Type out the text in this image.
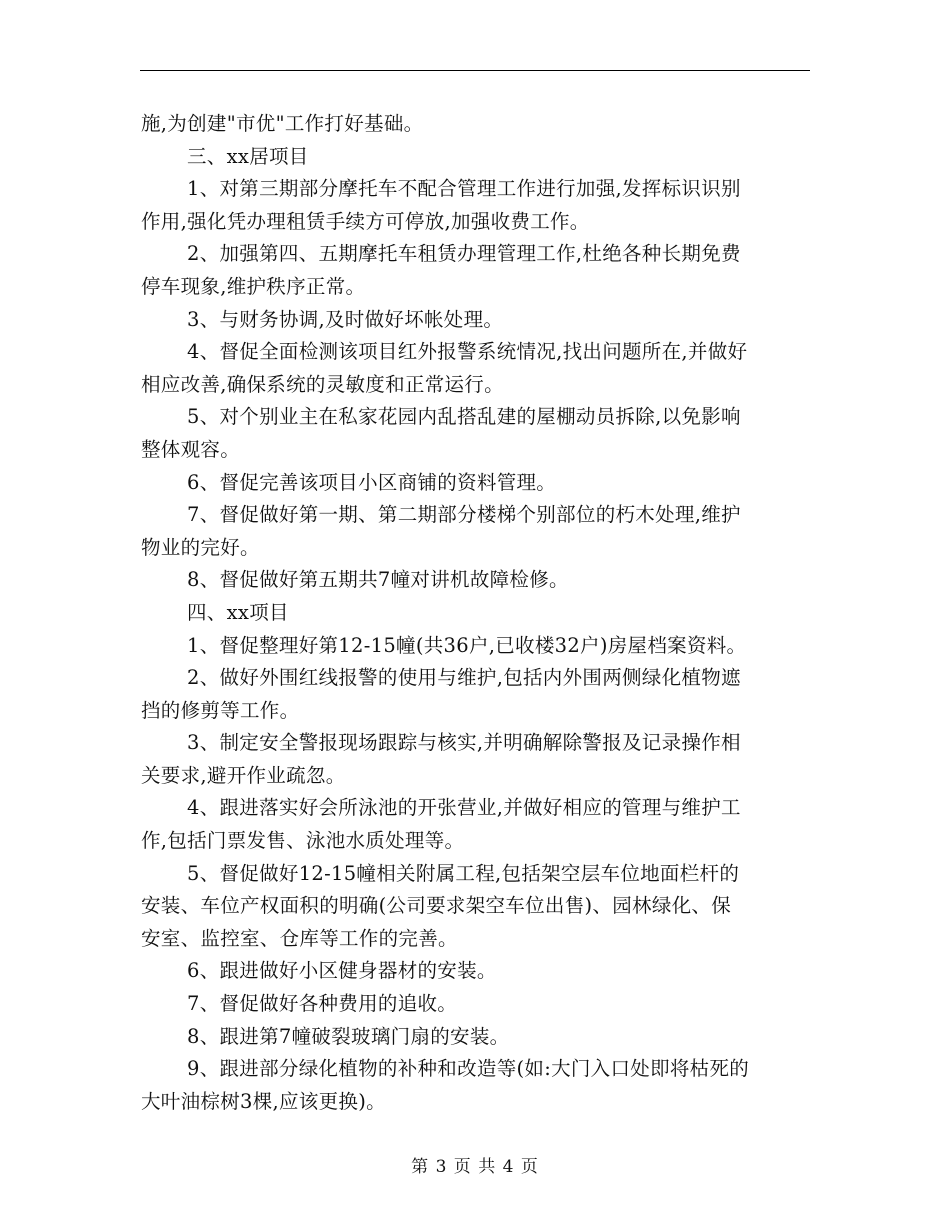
施,为创建"市优"工作打好基础。
三、xx居项目
1、对第三期部分摩托车不配合管理工作进行加强,发挥标识识别
作用,强化凭办理租赁手续方可停放,加强收费工作。
2、加强第四、五期摩托车租赁办理管理工作,杜绝各种长期免费
停车现象,维护秩序正常。
3、与财务协调,及时做好坏帐处理。
4、督促全面检测该项目红外报警系统情况,找出问题所在,并做好
相应改善,确保系统的灵敏度和正常运行。
5、对个别业主在私家花园内乱搭乱建的屋棚动员拆除,以免影响
整体观容。
6、督促完善该项目小区商铺的资料管理。
7、督促做好第一期、第二期部分楼梯个别部位的朽木处理,维护
物业的完好。
8、督促做好第五期共7幢对讲机故障检修。
四、xx项目
1、督促整理好第12-15幢(共36户,已收楼32户)房屋档案资料。
2、做好外围红线报警的使用与维护,包括内外围两侧绿化植物遮
挡的修剪等工作。
3、制定安全警报现场跟踪与核实,并明确解除警报及记录操作相
关要求,避开作业疏忽。
4、跟进落实好会所泳池的开张营业,并做好相应的管理与维护工
作,包括门票发售、泳池水质处理等。
5、督促做好12-15幢相关附属工程,包括架空层车位地面栏杆的
安装、车位产权面积的明确(公司要求架空车位出售)、园林绿化、保
安室、监控室、仓库等工作的完善。
6、跟进做好小区健身器材的安装。
7、督促做好各种费用的追收。
8、跟进第7幢破裂玻璃门扇的安装。
9、跟进部分绿化植物的补种和改造等(如:大门入口处即将枯死的
大叶油棕树3棵,应该更换)。
第 3 页 共 4 页
